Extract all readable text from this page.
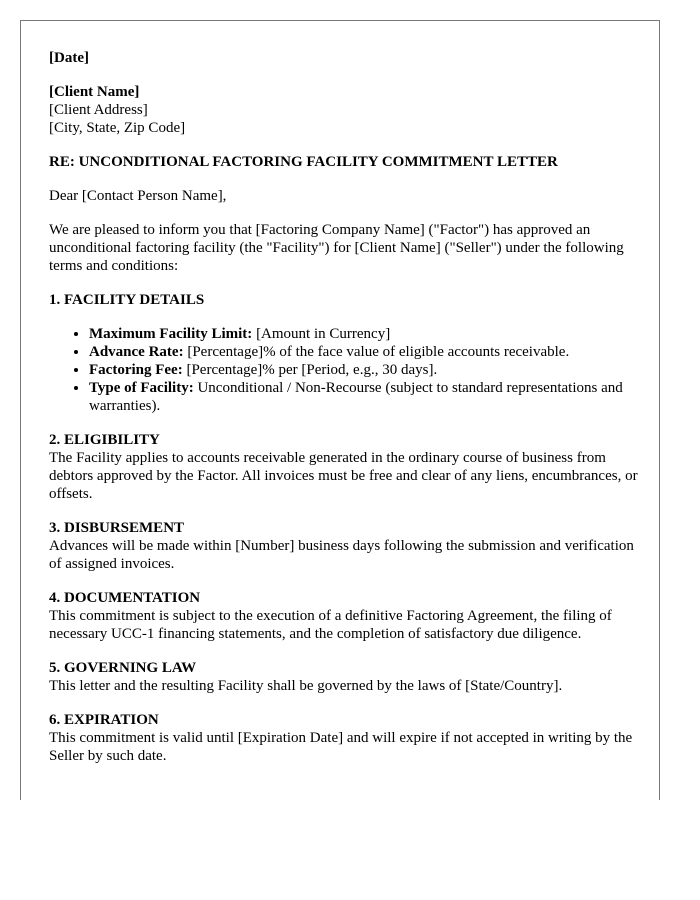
[Date]

[Client Name]

[Client Address]

[City, State, Zip Code]

RE: UNCONDITIONAL FACTORING FACILITY COMMITMENT LETTER

Dear [Contact Person Name],

We are pleased to inform you that [Factoring Company Name] ("Factor") has approved an unconditional factoring facility (the "Facility") for [Client Name] ("Seller") under the following terms and conditions:

1. FACILITY DETAILS

• Maximum Facility Limit: [Amount in Currency]
• Advance Rate: [Percentage]% of the face value of eligible accounts receivable.
• Factoring Fee: [Percentage]% per [Period, e.g., 30 days].
• Type of Facility: Unconditional / Non-Recourse (subject to standard representations and warranties).

2. ELIGIBILITY

The Facility applies to accounts receivable generated in the ordinary course of business from debtors approved by the Factor. All invoices must be free and clear of any liens, encumbrances, or offsets.

3. DISBURSEMENT

Advances will be made within [Number] business days following the submission and verification of assigned invoices.

4. DOCUMENTATION

This commitment is subject to the execution of a definitive Factoring Agreement, the filing of necessary UCC-1 financing statements, and the completion of satisfactory due diligence.

5. GOVERNING LAW

This letter and the resulting Facility shall be governed by the laws of [State/Country].

6. EXPIRATION

This commitment is valid until [Expiration Date] and will expire if not accepted in writing by the Seller by such date.
